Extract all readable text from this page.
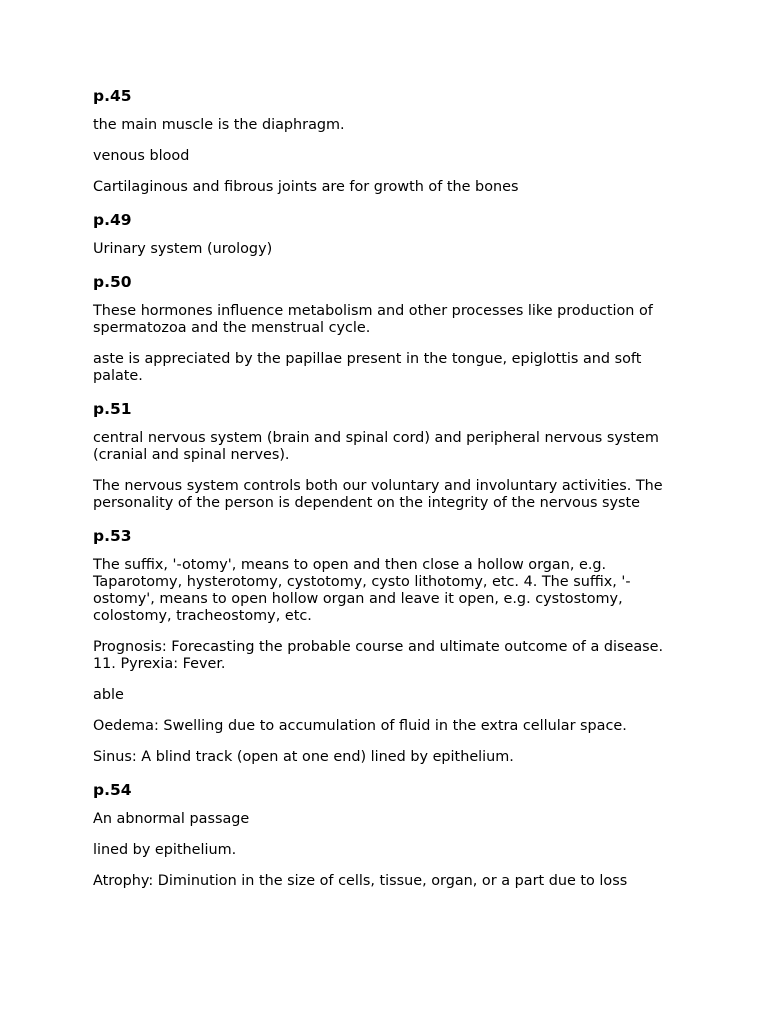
p.45

the main muscle is the diaphragm.

venous blood

Cartilaginous and fibrous joints are for growth of the bones

p.49

Urinary system (urology)

p.50

These hormones influence metabolism and other processes like production of spermatozoa and the menstrual cycle.

aste is appreciated by the papillae present in the tongue, epiglottis and soft palate.

p.51

central nervous system (brain and spinal cord) and peripheral nervous system (cranial and spinal nerves).

The nervous system controls both our voluntary and involuntary activities. The personality of the person is dependent on the integrity of the nervous syste

p.53

The suffix, '-otomy', means to open and then close a hollow organ, e.g. Taparotomy, hysterotomy, cystotomy, cysto lithotomy, etc. 4. The suffix, '-ostomy', means to open hollow organ and leave it open, e.g. cystostomy, colostomy, tracheostomy, etc.

Prognosis: Forecasting the probable course and ultimate outcome of a disease. 11. Pyrexia: Fever.

able

Oedema: Swelling due to accumulation of fluid in the extra cellular space.

Sinus: A blind track (open at one end) lined by epithelium.

p.54

An abnormal passage

lined by epithelium.

Atrophy: Diminution in the size of cells, tissue, organ, or a part due to loss
